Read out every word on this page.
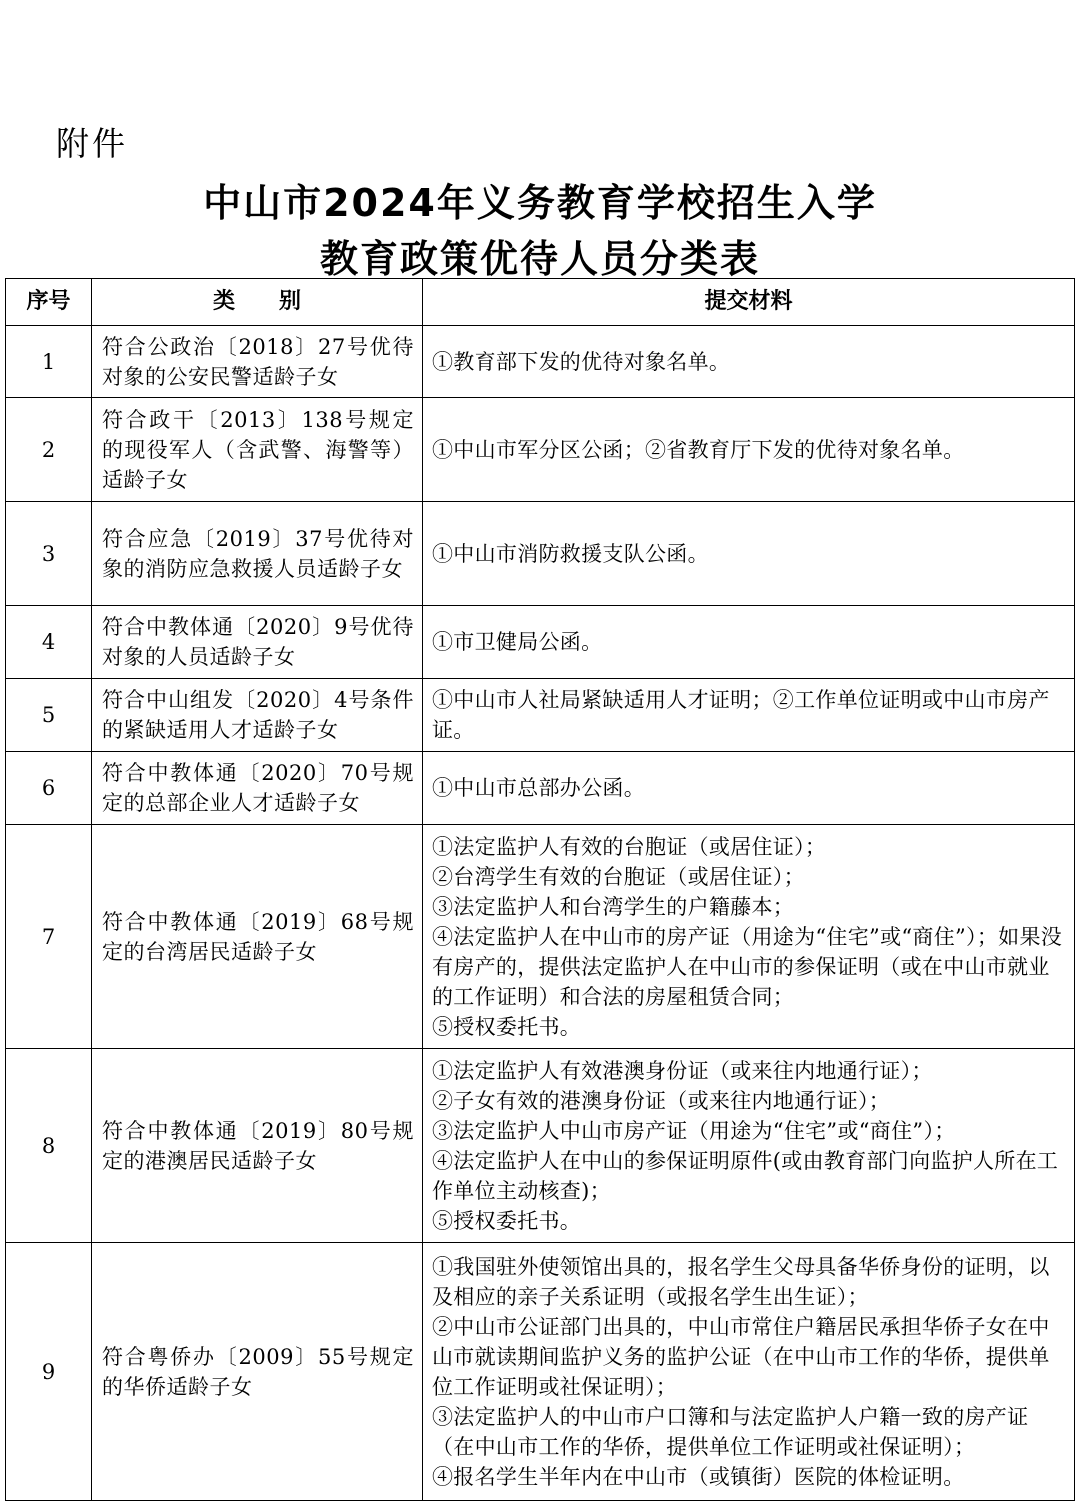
附件
中山市2024年义务教育学校招生入学
教育政策优待人员分类表
序号	类　　别	提交材料
1	符合公政治〔2018〕27号优待对象的公安民警适龄子女	①教育部下发的优待对象名单。

2	符合政干〔2013〕138号规定的现役军人（含武警、海警等）适龄子女	①中山市军分区公函；②省教育厅下发的优待对象名单。

3	符合应急〔2019〕37号优待对象的消防应急救援人员适龄子女	①中山市消防救援支队公函。

4	符合中教体通〔2020〕9号优待对象的人员适龄子女	①市卫健局公函。

5	符合中山组发〔2020〕4号条件的紧缺适用人才适龄子女	①中山市人社局紧缺适用人才证明；②工作单位证明或中山市房产证。

6	符合中教体通〔2020〕70号规定的总部企业人才适龄子女	①中山市总部办公函。

7	符合中教体通〔2019〕68号规定的台湾居民适龄子女	①法定监护人有效的台胞证（或居住证）；
②台湾学生有效的台胞证（或居住证）；
③法定监护人和台湾学生的户籍藤本；
④法定监护人在中山市的房产证（用途为“住宅”或“商住”）；如果没有房产的，提供法定监护人在中山市的参保证明（或在中山市就业的工作证明）和合法的房屋租赁合同；
⑤授权委托书。

8	符合中教体通〔2019〕80号规定的港澳居民适龄子女	①法定监护人有效港澳身份证（或来往内地通行证）；
②子女有效的港澳身份证（或来往内地通行证）；
③法定监护人中山市房产证（用途为“住宅”或“商住”）；
④法定监护人在中山的参保证明原件(或由教育部门向监护人所在工作单位主动核查)；
⑤授权委托书。

9	符合粤侨办〔2009〕55号规定的华侨适龄子女	①我国驻外使领馆出具的，报名学生父母具备华侨身份的证明，以及相应的亲子关系证明（或报名学生出生证）；
②中山市公证部门出具的，中山市常住户籍居民承担华侨子女在中山市就读期间监护义务的监护公证（在中山市工作的华侨，提供单位工作证明或社保证明）；
③法定监护人的中山市户口簿和与法定监护人户籍一致的房产证（在中山市工作的华侨，提供单位工作证明或社保证明）；
④报名学生半年内在中山市（或镇街）医院的体检证明。
